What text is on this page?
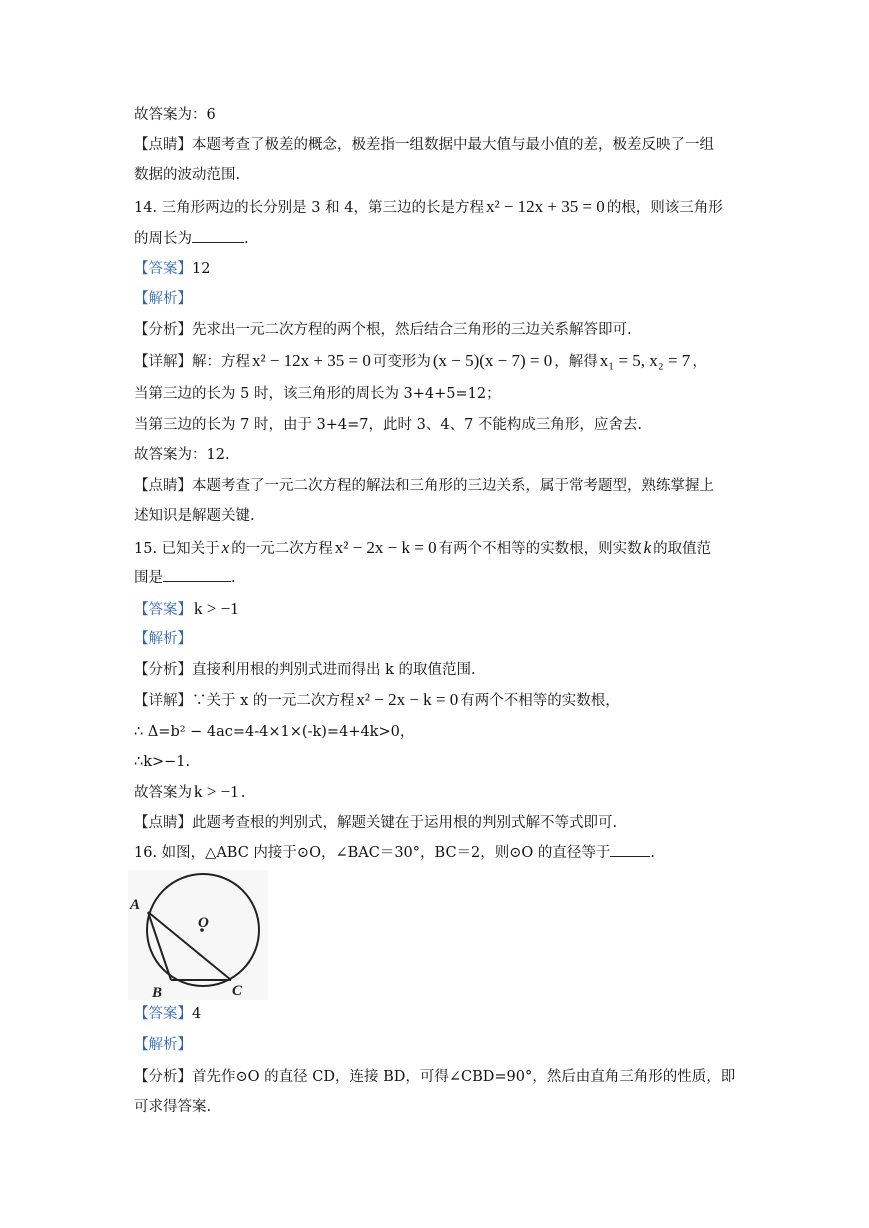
故答案为：6
【点睛】本题考查了极差的概念，极差指一组数据中最大值与最小值的差，极差反映了一组
数据的波动范围.
14. 三角形两边的长分别是 3 和 4，第三边的长是方程 x² − 12x + 35 = 0 的根，则该三角形
的周长为	.
【答案】12
【解析】
【分析】先求出一元二次方程的两个根，然后结合三角形的三边关系解答即可.
【详解】解：方程 x² − 12x + 35 = 0 可变形为 (x − 5)(x − 7) = 0 ，解得 x₁ = 5, x₂ = 7 ，
当第三边的长为 5 时，该三角形的周长为 3+4+5=12；
当第三边的长为 7 时，由于 3+4=7，此时 3、4、7 不能构成三角形，应舍去.
故答案为：12.
【点睛】本题考查了一元二次方程的解法和三角形的三边关系，属于常考题型，熟练掌握上
述知识是解题关键.
15. 已知关于 x 的一元二次方程 x² − 2x − k = 0 有两个不相等的实数根，则实数 k 的取值范
围是	.
【答案】 k > −1
【解析】
【分析】直接利用根的判别式进而得出 k 的取值范围.
【详解】∵关于 x 的一元二次方程 x² − 2x − k = 0 有两个不相等的实数根，
∴ Δ=b² − 4ac=4-4×1×(-k)=4+4k>0，
∴k>−1.
故答案为 k > −1 .
【点睛】此题考查根的判别式，解题关键在于运用根的判别式解不等式即可.
16. 如图，△ABC 内接于⊙O，∠BAC＝30°，BC＝2，则⊙O 的直径等于	.
A
O
B	C
【答案】4
【解析】
【分析】首先作⊙O 的直径 CD，连接 BD，可得∠CBD=90°，然后由直角三角形的性质，即
可求得答案.
